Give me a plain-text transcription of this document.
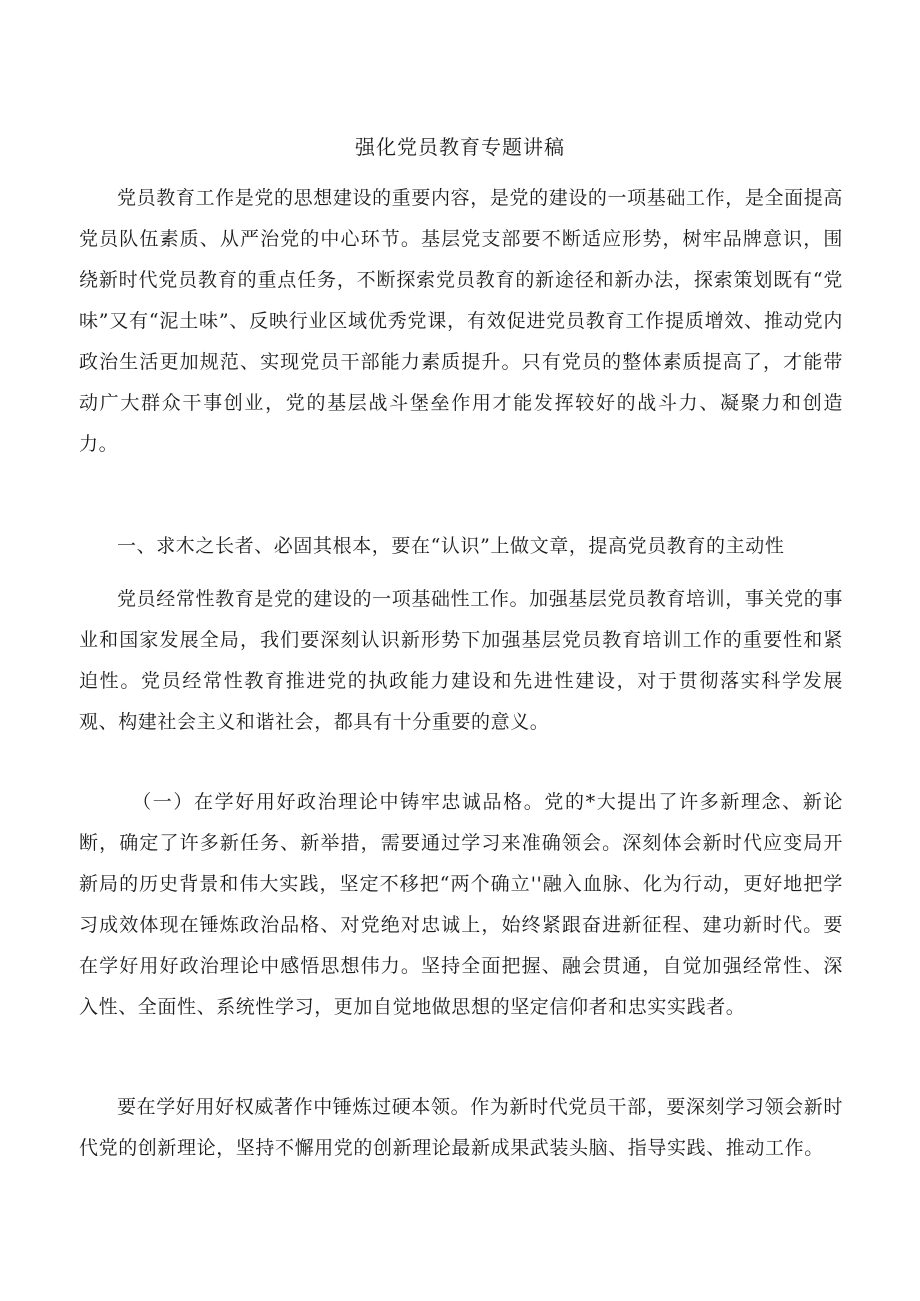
强化党员教育专题讲稿

党员教育工作是党的思想建设的重要内容，是党的建设的一项基础工作，是全面提高党员队伍素质、从严治党的中心环节。基层党支部要不断适应形势，树牢品牌意识，围绕新时代党员教育的重点任务，不断探索党员教育的新途径和新办法，探索策划既有“党味”又有“泥土味”、反映行业区域优秀党课，有效促进党员教育工作提质增效、推动党内政治生活更加规范、实现党员干部能力素质提升。只有党员的整体素质提高了，才能带动广大群众干事创业，党的基层战斗堡垒作用才能发挥较好的战斗力、凝聚力和创造力。

一、求木之长者、必固其根本，要在“认识”上做文章，提高党员教育的主动性

党员经常性教育是党的建设的一项基础性工作。加强基层党员教育培训，事关党的事业和国家发展全局，我们要深刻认识新形势下加强基层党员教育培训工作的重要性和紧迫性。党员经常性教育推进党的执政能力建设和先进性建设，对于贯彻落实科学发展观、构建社会主义和谐社会，都具有十分重要的意义。

（一）在学好用好政治理论中铸牢忠诚品格。党的*大提出了许多新理念、新论断，确定了许多新任务、新举措，需要通过学习来准确领会。深刻体会新时代应变局开新局的历史背景和伟大实践，坚定不移把“两个确立''融入血脉、化为行动，更好地把学习成效体现在锤炼政治品格、对党绝对忠诚上，始终紧跟奋进新征程、建功新时代。要在学好用好政治理论中感悟思想伟力。坚持全面把握、融会贯通，自觉加强经常性、深入性、全面性、系统性学习，更加自觉地做思想的坚定信仰者和忠实实践者。

要在学好用好权威著作中锤炼过硬本领。作为新时代党员干部，要深刻学习领会新时代党的创新理论，坚持不懈用党的创新理论最新成果武装头脑、指导实践、推动工作。
